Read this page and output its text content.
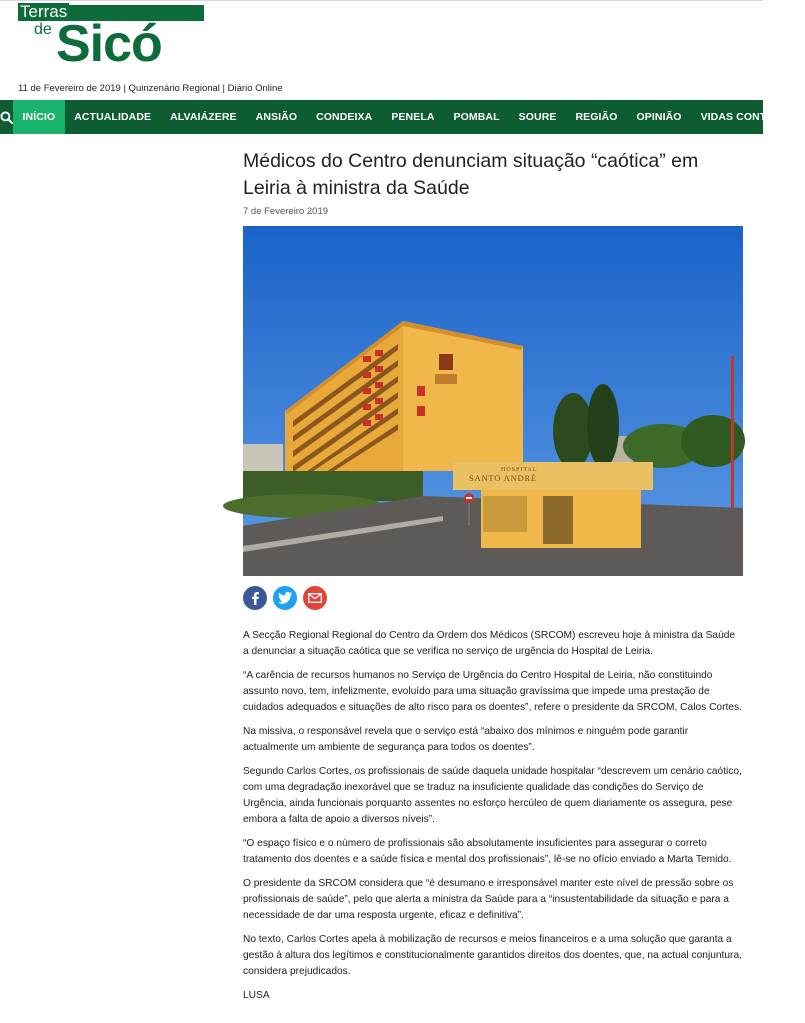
Terras
de Sicó
11 de Fevereiro de 2019 | Quinzenário Regional | Diário Online
INÍCIO	ACTUALIDADE	ALVAIÁZERE	ANSIÃO	CONDEIXA	PENELA	POMBAL	SOURE	REGIÃO	OPINIÃO	VIDAS CONTADAS
Médicos do Centro denunciam situação “caótica” em Leiria à ministra da Saúde
7 de Fevereiro 2019
HOSPITAL
SANTO ANDRÉ

A Secção Regional Regional do Centro da Ordem dos Médicos (SRCOM) escreveu hoje à ministra da Saúde a denunciar a situação caótica que se verifica no serviço de urgência do Hospital de Leiria.

“A carência de recursos humanos no Serviço de Urgência do Centro Hospital de Leiria, não constituindo assunto novo, tem, infelizmente, evoluído para uma situação gravíssima que impede uma prestação de cuidados adequados e situações de alto risco para os doentes”, refere o presidente da SRCOM, Calos Cortes.

Na missiva, o responsável revela que o serviço está “abaixo dos mínimos e ninguém pode garantir actualmente um ambiente de segurança para todos os doentes”.

Segundo Carlos Cortes, os profissionais de saúde daquela unidade hospitalar “descrevem um cenário caótico, com uma degradação inexorável que se traduz na insuficiente qualidade das condições do Serviço de Urgência, ainda funcionais porquanto assentes no esforço hercúleo de quem diariamente os assegura, pese embora a falta de apoio a diversos níveis”.

“O espaço físico e o número de profissionais são absolutamente insuficientes para assegurar o correto tratamento dos doentes e a saúde física e mental dos profissionais”, lê-se no ofício enviado a Marta Temido.

O presidente da SRCOM considera que “é desumano e irresponsável manter este nível de pressão sobre os profissionais de saúde”, pelo que alerta a ministra da Saúde para a “insustentabilidade da situação e para a necessidade de dar uma resposta urgente, eficaz e definitiva”.

No texto, Carlos Cortes apela à mobilização de recursos e meios financeiros e a uma solução que garanta a gestão à altura dos legítimos e constitucionalmente garantidos direitos dos doentes, que, na actual conjuntura, considera prejudicados.

LUSA
